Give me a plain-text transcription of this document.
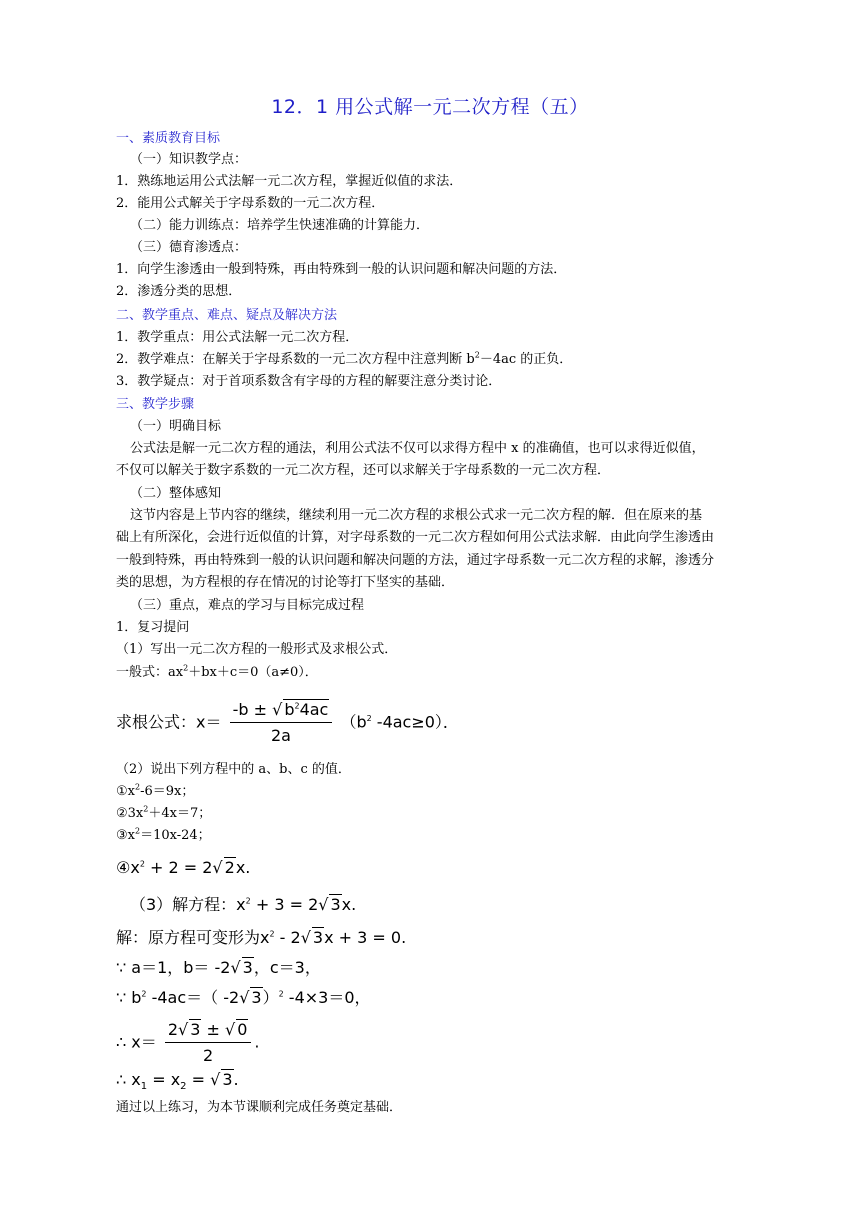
12．1 用公式解一元二次方程（五）
一、素质教育目标
（一）知识教学点：
1．熟练地运用公式法解一元二次方程，掌握近似值的求法．
2．能用公式解关于字母系数的一元二次方程．
（二）能力训练点：培养学生快速准确的计算能力．
（三）德育渗透点：
1．向学生渗透由一般到特殊，再由特殊到一般的认识问题和解决问题的方法．
2．渗透分类的思想．
二、教学重点、难点、疑点及解决方法
1．教学重点：用公式法解一元二次方程．
2．教学难点：在解关于字母系数的一元二次方程中注意判断 $b^2-4ac$ 的正负．
3．教学疑点：对于首项系数含有字母的方程的解要注意分类讨论．
三、教学步骤
（一）明确目标
公式法是解一元二次方程的通法，利用公式法不仅可以求得方程中 x 的准确值，也可以求得近似值，
不仅可以解关于数字系数的一元二次方程，还可以求解关于字母系数的一元二次方程．
（二）整体感知
这节内容是上节内容的继续，继续利用一元二次方程的求根公式求一元二次方程的解．但在原来的基
础上有所深化，会进行近似值的计算，对字母系数的一元二次方程如何用公式法求解．由此向学生渗透由
一般到特殊，再由特殊到一般的认识问题和解决问题的方法，通过字母系数一元二次方程的求解，渗透分
类的思想，为方程根的存在情况的讨论等打下坚实的基础．
（三）重点，难点的学习与目标完成过程
1．复习提问
（1）写出一元二次方程的一般形式及求根公式．
一般式：$ax^2+bx+c=0(a\ne 0)$．
求根公式：$x= \frac{-b \pm √ b^24ac}{2a} (b^2$ -4ac≥0）．
（2）说出下列方程中的 a、b、c 的值．
$①x^2-6=9x$；
$②3x^2+4x=7$；
$③x^2=10x-24$；
$④x^2 + 2 = 2√$ 2x.
（3）解方程：$x^2 + 3 = 2√$ 3x.
解：原方程可变形为$x^2 - 2√$ 3x + 3 = 0.
∵ a＝1，b＝ -2√ 3，c＝3，
∵ $b^2$ -4ac＝（ -2√ 3）$^2$ -4×3＝0，
∴ $x= \frac{2√ 3 \pm √ 0}{2}$ .
∴ $x_1 = x_2$ = √ 3.
通过以上练习，为本节课顺利完成任务奠定基础．
